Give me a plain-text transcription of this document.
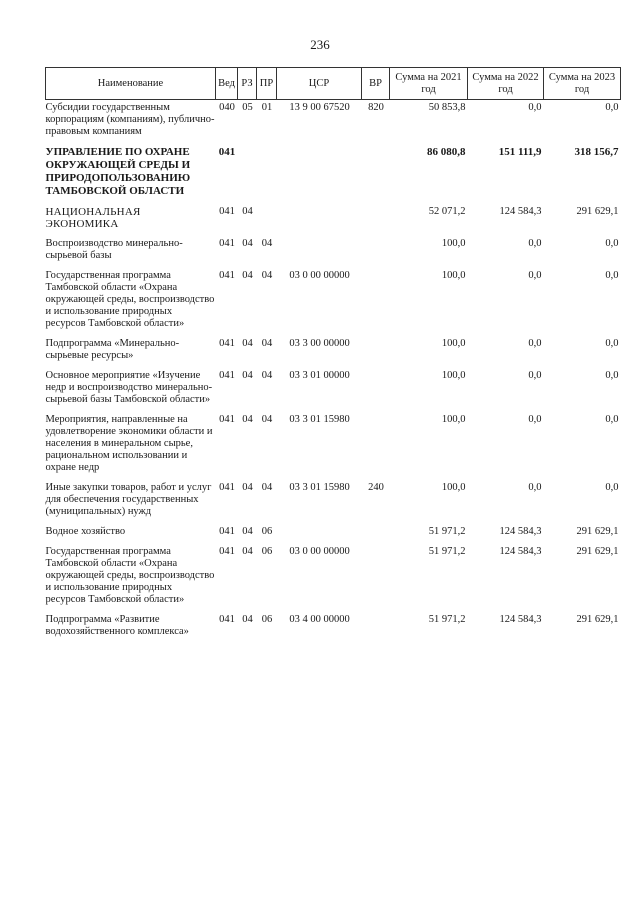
236
Наименование	Вед	РЗ	ПР	ЦСР	ВР	Сумма на 2021 год	Сумма на 2022 год	Сумма на 2023 год
Субсидии государственным корпорациям (компаниям), публично-правовым компаниям	040	05	01	13 9 00 67520	820	50 853,8	0,0	0,0
УПРАВЛЕНИЕ ПО ОХРАНЕ ОКРУЖАЮЩЕЙ СРЕДЫ И ПРИРОДОПОЛЬЗОВАНИЮ ТАМБОВСКОЙ ОБЛАСТИ	041					86 080,8	151 111,9	318 156,7
НАЦИОНАЛЬНАЯ ЭКОНОМИКА	041	04				52 071,2	124 584,3	291 629,1
Воспроизводство минерально-сырьевой базы	041	04	04			100,0	0,0	0,0
Государственная программа Тамбовской области «Охрана окружающей среды, воспроизводство и использование природных ресурсов Тамбовской области»	041	04	04	03 0 00 00000		100,0	0,0	0,0
Подпрограмма «Минерально-сырьевые ресурсы»	041	04	04	03 3 00 00000		100,0	0,0	0,0
Основное мероприятие «Изучение недр и воспроизводство минерально-сырьевой базы Тамбовской области»	041	04	04	03 3 01 00000		100,0	0,0	0,0
Мероприятия, направленные на удовлетворение экономики области и населения в минеральном сырье, рациональном использовании и охране недр	041	04	04	03 3 01 15980		100,0	0,0	0,0
Иные закупки товаров, работ и услуг для обеспечения государственных (муниципальных) нужд	041	04	04	03 3 01 15980	240	100,0	0,0	0,0
Водное хозяйство	041	04	06			51 971,2	124 584,3	291 629,1
Государственная программа Тамбовской области «Охрана окружающей среды, воспроизводство и использование природных ресурсов Тамбовской области»	041	04	06	03 0 00 00000		51 971,2	124 584,3	291 629,1
Подпрограмма «Развитие водохозяйственного комплекса»	041	04	06	03 4 00 00000		51 971,2	124 584,3	291 629,1
